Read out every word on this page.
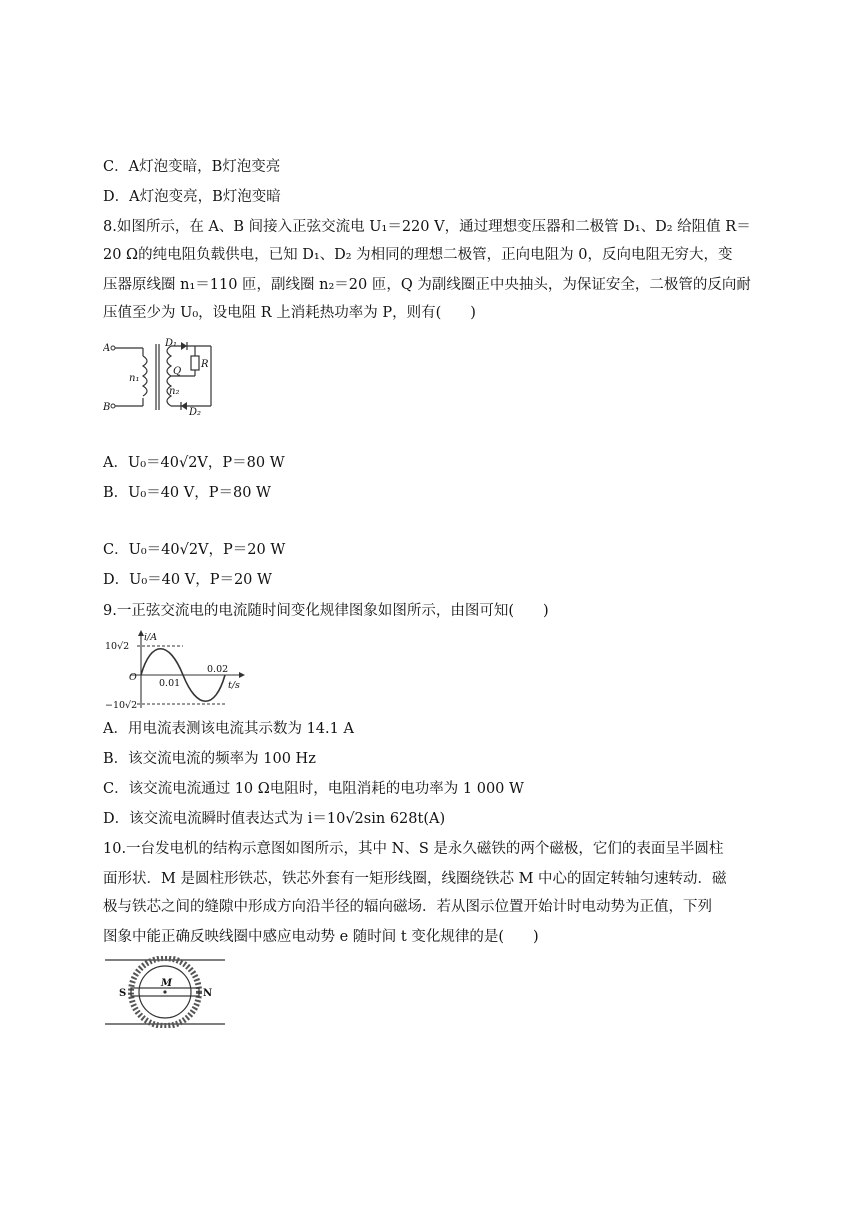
C．A灯泡变暗，B灯泡变亮
D．A灯泡变亮，B灯泡变暗
8.如图所示，在 A、B 间接入正弦交流电 U₁＝220 V，通过理想变压器和二极管 D₁、D₂ 给阻值 R＝
20 Ω的纯电阻负载供电，已知 D₁、D₂ 为相同的理想二极管，正向电阻为 0，反向电阻无穷大，变
压器原线圈 n₁＝110 匝，副线圈 n₂＝20 匝，Q 为副线圈正中央抽头，为保证安全，二极管的反向耐
压值至少为 U₀，设电阻 R 上消耗热功率为 P，则有(　　)
A
B
n₁
n₂
Q
D₁
D₂
R
A．U₀＝40√2V，P＝80 W
B．U₀＝40 V，P＝80 W
C．U₀＝40√2V，P＝20 W
D．U₀＝40 V，P＝20 W
9.一正弦交流电的电流随时间变化规律图象如图所示，由图可知(　　)
i/A
10√2
−10√2
O
0.01
0.02
t/s
A．用电流表测该电流其示数为 14.1 A
B．该交流电流的频率为 100 Hz
C．该交流电流通过 10 Ω电阻时，电阻消耗的电功率为 1 000 W
D．该交流电流瞬时值表达式为 i＝10√2sin 628t(A)
10.一台发电机的结构示意图如图所示，其中 N、S 是永久磁铁的两个磁极，它们的表面呈半圆柱
面形状．M 是圆柱形铁芯，铁芯外套有一矩形线圈，线圈绕铁芯 M 中心的固定转轴匀速转动．磁
极与铁芯之间的缝隙中形成方向沿半径的辐向磁场．若从图示位置开始计时电动势为正值，下列
图象中能正确反映线圈中感应电动势 e 随时间 t 变化规律的是(　　)
S	N
M
